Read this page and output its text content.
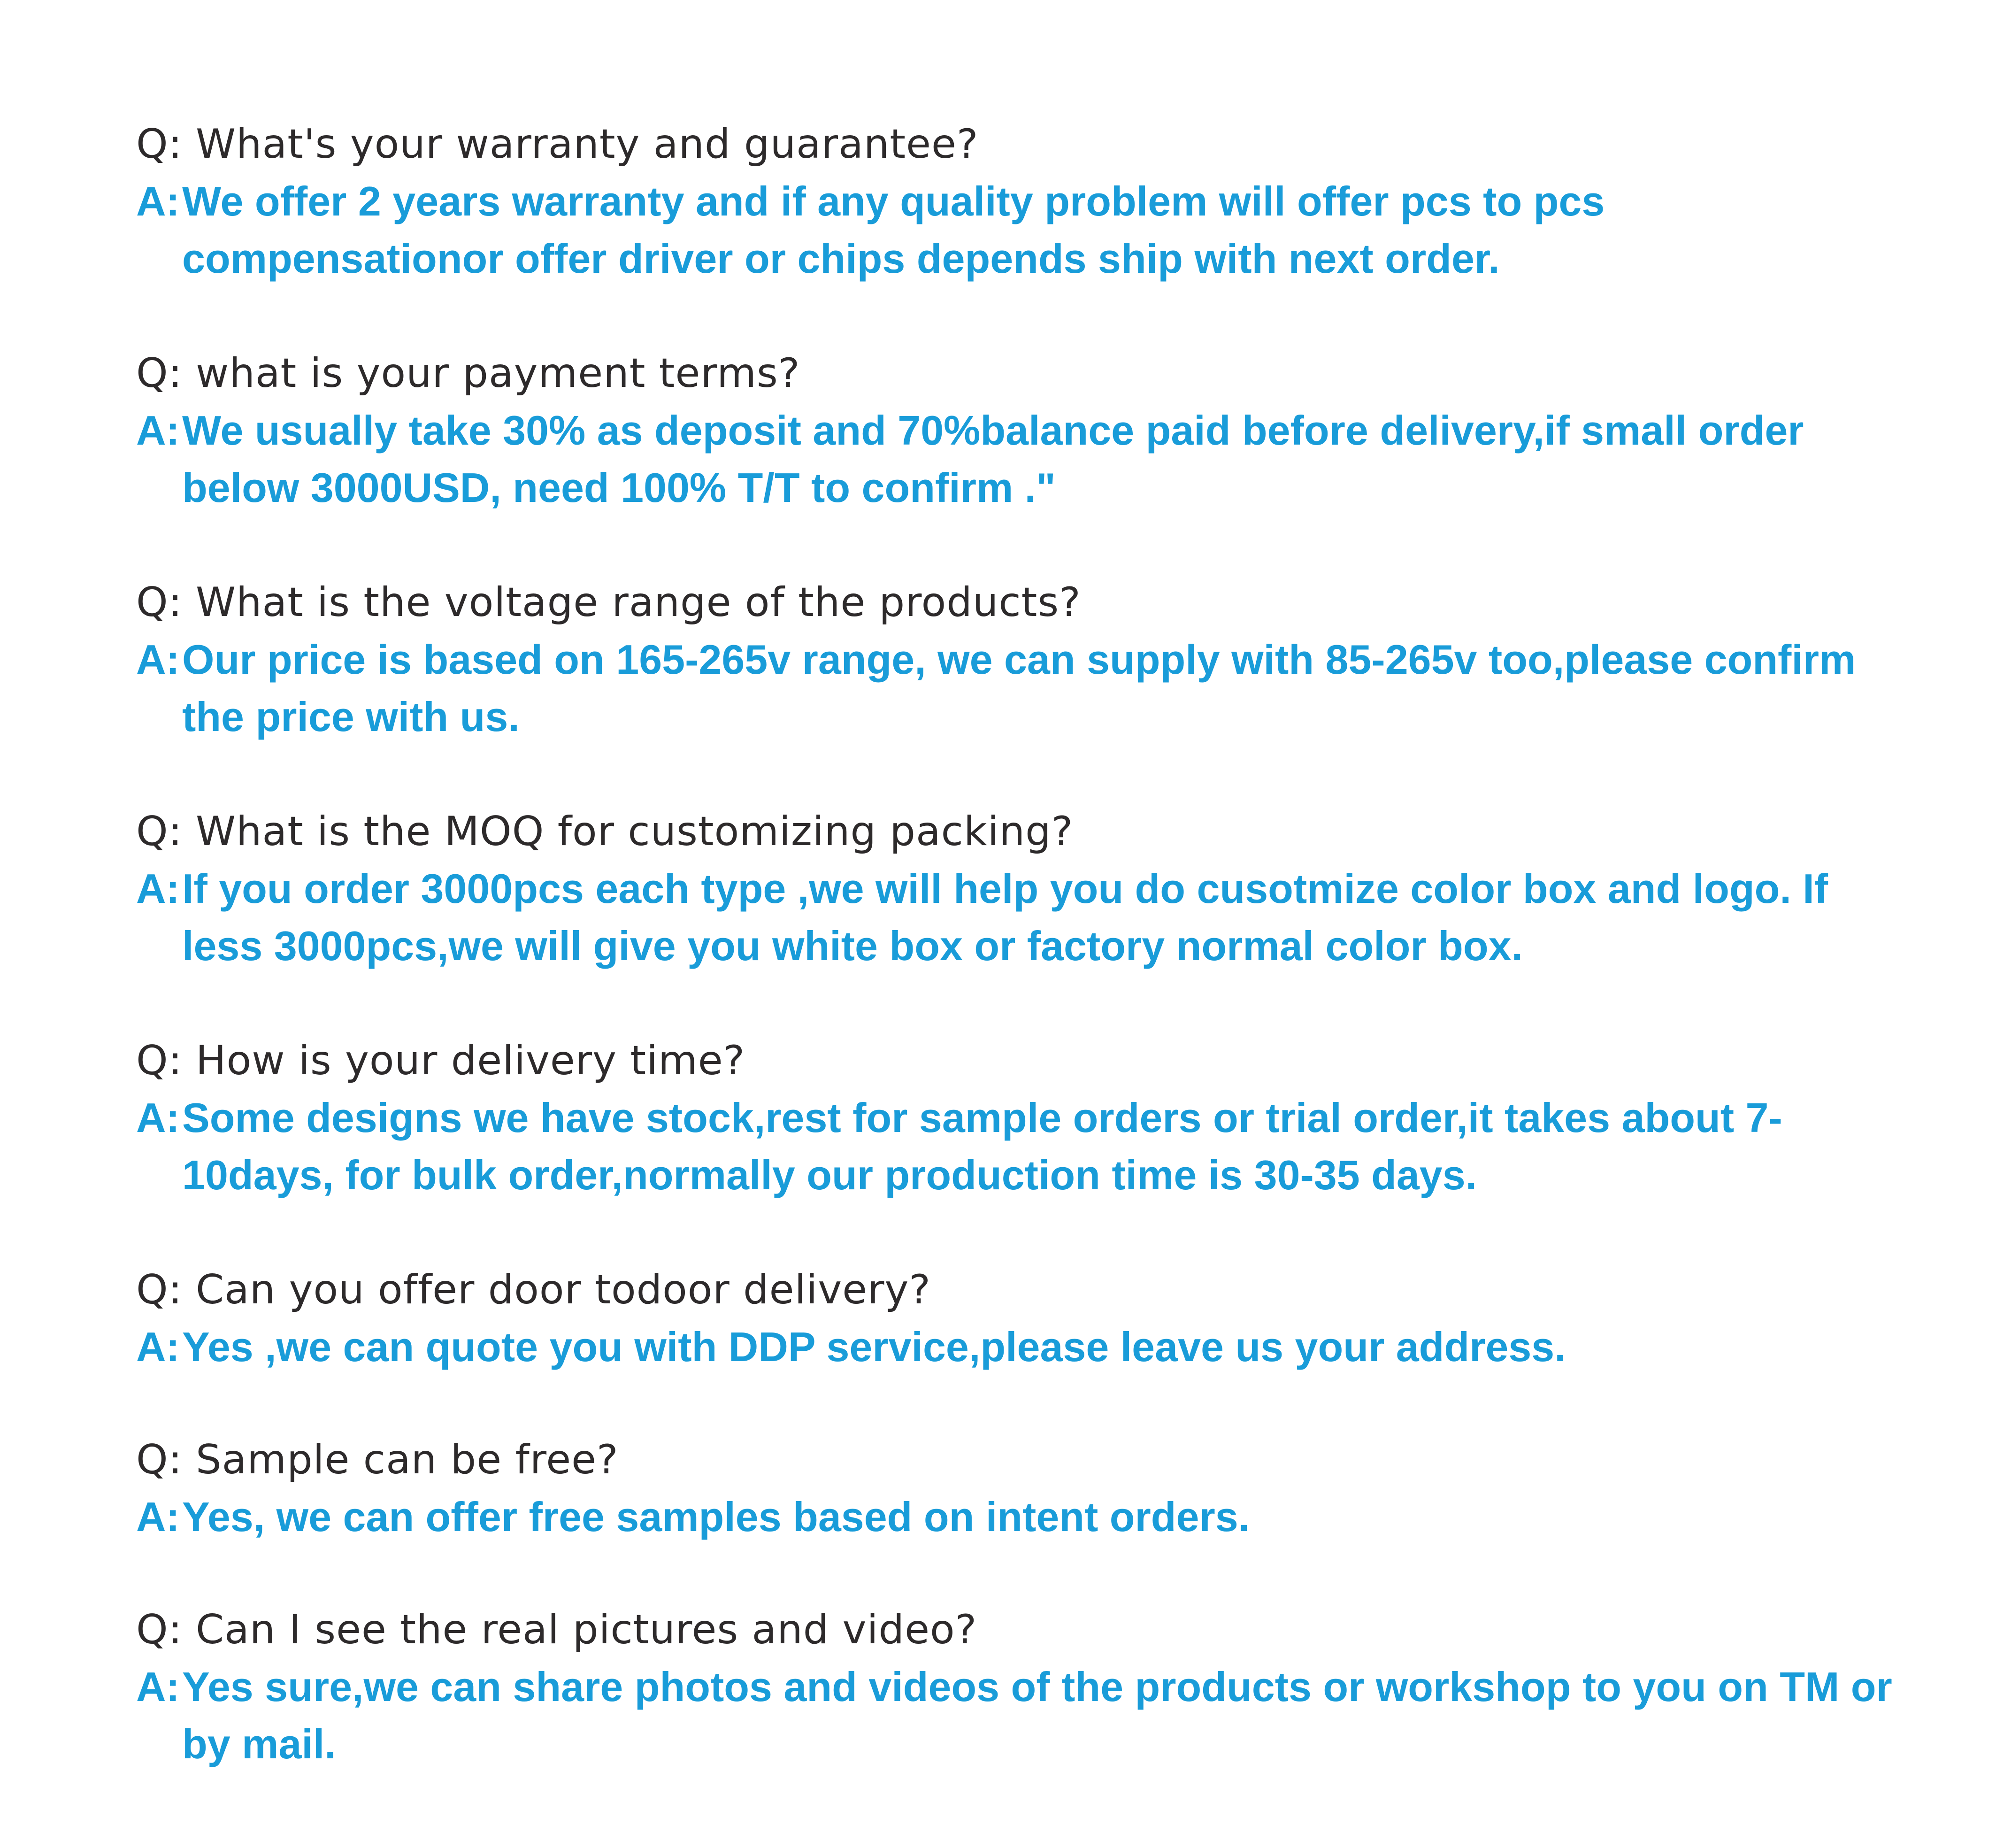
Q: What's your warranty and guarantee?
A: We offer 2 years warranty and if any quality problem will offer pcs to pcs compensationor offer driver or chips depends ship with next order.
Q: what is your payment terms?
A: We usually take 30% as deposit and 70%balance paid before delivery,if small order below 3000USD, need 100% T/T to confirm ."
Q: What is the voltage range of the products?
A: Our price is based on 165-265v range, we can supply with 85-265v too,please confirm the price with us.
Q: What is the MOQ for customizing packing?
A: If you order 3000pcs each type ,we will help you do cusotmize color box and logo. If less 3000pcs,we will give you white box or factory normal color box.
Q: How is your delivery time?
A: Some designs we have stock,rest for sample orders or trial order,it takes about 7-10days, for bulk order,normally our production time is 30-35 days.
Q: Can you offer door todoor delivery?
A: Yes ,we can quote you with DDP service,please leave us your address.
Q: Sample can be free?
A: Yes, we can offer free samples based on intent orders.
Q: Can I see the real pictures and video?
A: Yes sure,we can share photos and videos of the products or workshop to you on TM or by mail.
